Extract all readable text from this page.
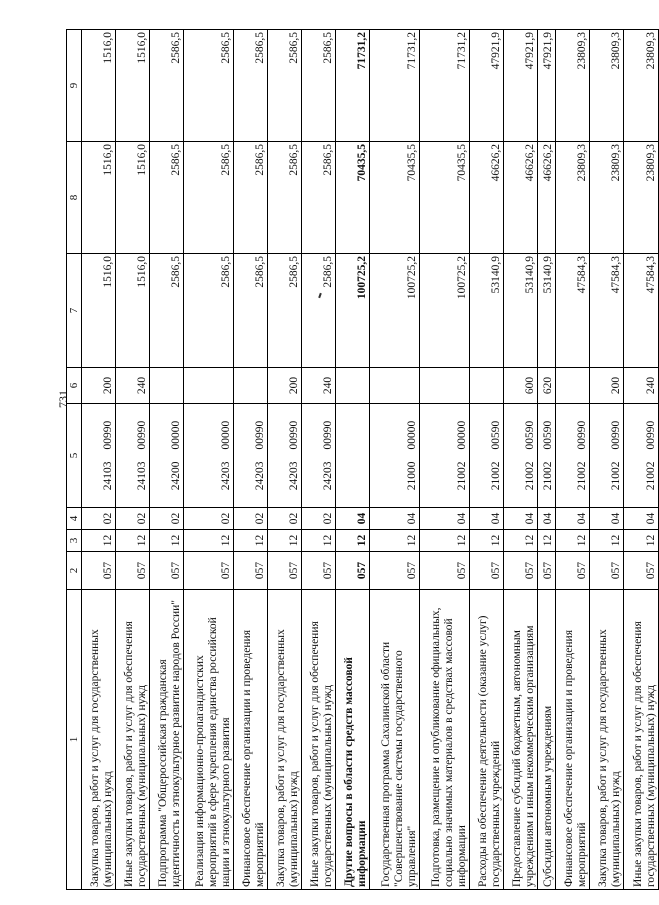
731
1	2	3	4	5	6	7	8	9
Закупка товаров, работ и услуг для государственных (муниципальных) нужд	057	12	02	2410300990	200	1516,0	1516,0	1516,0
Иные закупки товаров, работ и услуг для обеспечения государственных (муниципальных) нужд	057	12	02	2410300990	240	1516,0	1516,0	1516,0
Подпрограмма "Общероссийская гражданская идентичность и этнокультурное развитие народов России"	057	12	02	2420000000		2586,5	2586,5	2586,5
Реализация информационно-пропагандистских мероприятий в сфере укрепления единства российской нации и этнокультурного развития	057	12	02	2420300000		2586,5	2586,5	2586,5
Финансовое обеспечение организации и проведения мероприятий	057	12	02	2420300990		2586,5	2586,5	2586,5
Закупка товаров, работ и услуг для государственных (муниципальных) нужд	057	12	02	2420300990	200	2586,5	2586,5	2586,5
Иные закупки товаров, работ и услуг для обеспечения государственных (муниципальных) нужд	057	12	02	2420300990	240	2586,5	2586,5	2586,5
Другие вопросы в области средств массовой информации	057	12	04			100725,2	70435,5	71731,2
Государственная программа Сахалинской области "Совершенствование системы государственного управления"	057	12	04	2100000000		100725,2	70435,5	71731,2
Подготовка, размещение и опубликование официальных, социально значимых материалов в средствах массовой информации	057	12	04	2100200000		100725,2	70435,5	71731,2
Расходы на обеспечение деятельности (оказание услуг) государственных учреждений	057	12	04	2100200590		53140,9	46626,2	47921,9
Предоставление субсидий бюджетным, автономным учреждениям и иным некоммерческим организациям	057	12	04	2100200590	600	53140,9	46626,2	47921,9
Субсидии автономным учреждениям	057	12	04	2100200590	620	53140,9	46626,2	47921,9
Финансовое обеспечение организации и проведения мероприятий	057	12	04	2100200990		47584,3	23809,3	23809,3
Закупка товаров, работ и услуг для государственных (муниципальных) нужд	057	12	04	2100200990	200	47584,3	23809,3	23809,3
Иные закупки товаров, работ и услуг для обеспечения государственных (муниципальных) нужд	057	12	04	2100200990	240	47584,3	23809,3	23809,3
